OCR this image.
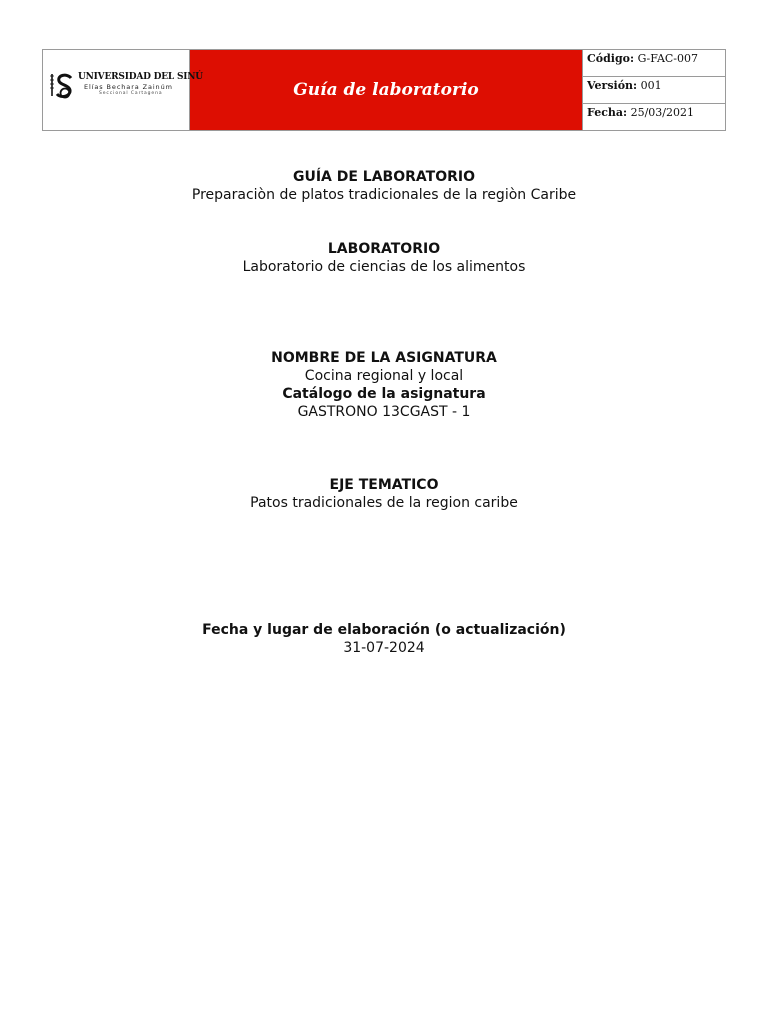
UNIVERSIDAD DEL SINÚ
Elías Bechara Zainúm
Seccional Cartagena	Guía de laboratorio
Código: G-FAC-007
Versión: 001
Fecha: 25/03/2021
GUÍA DE LABORATORIO
Preparaciòn de platos tradicionales de la regiòn Caribe
LABORATORIO
Laboratorio de ciencias de los alimentos
NOMBRE DE LA ASIGNATURA
Cocina regional y local
Catálogo de la asignatura
GASTRONO 13CGAST - 1
EJE TEMATICO
Patos tradicionales de la region caribe
Fecha y lugar de elaboración (o actualización)
31-07-2024
